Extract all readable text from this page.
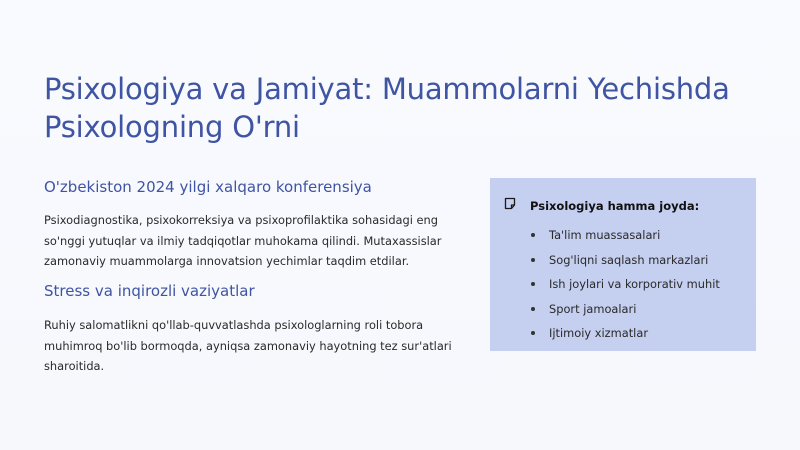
Psixologiya va Jamiyat: Muammolarni Yechishda Psixologning O'rni
O'zbekiston 2024 yilgi xalqaro konferensiya

Psixodiagnostika, psixokorreksiya va psixoprofilaktika sohasidagi eng so'nggi yutuqlar va ilmiy tadqiqotlar muhokama qilindi. Mutaxassislar zamonaviy muammolarga innovatsion yechimlar taqdim etdilar.

Stress va inqirozli vaziyatlar

Ruhiy salomatlikni qo'llab-quvvatlashda psixologlarning roli tobora muhimroq bo'lib bormoqda, ayniqsa zamonaviy hayotning tez sur'atlari sharoitida.

Psixologiya hamma joyda:

Ta'lim muassasalari
Sog'liqni saqlash markazlari
Ish joylari va korporativ muhit
Sport jamoalari
Ijtimoiy xizmatlar
